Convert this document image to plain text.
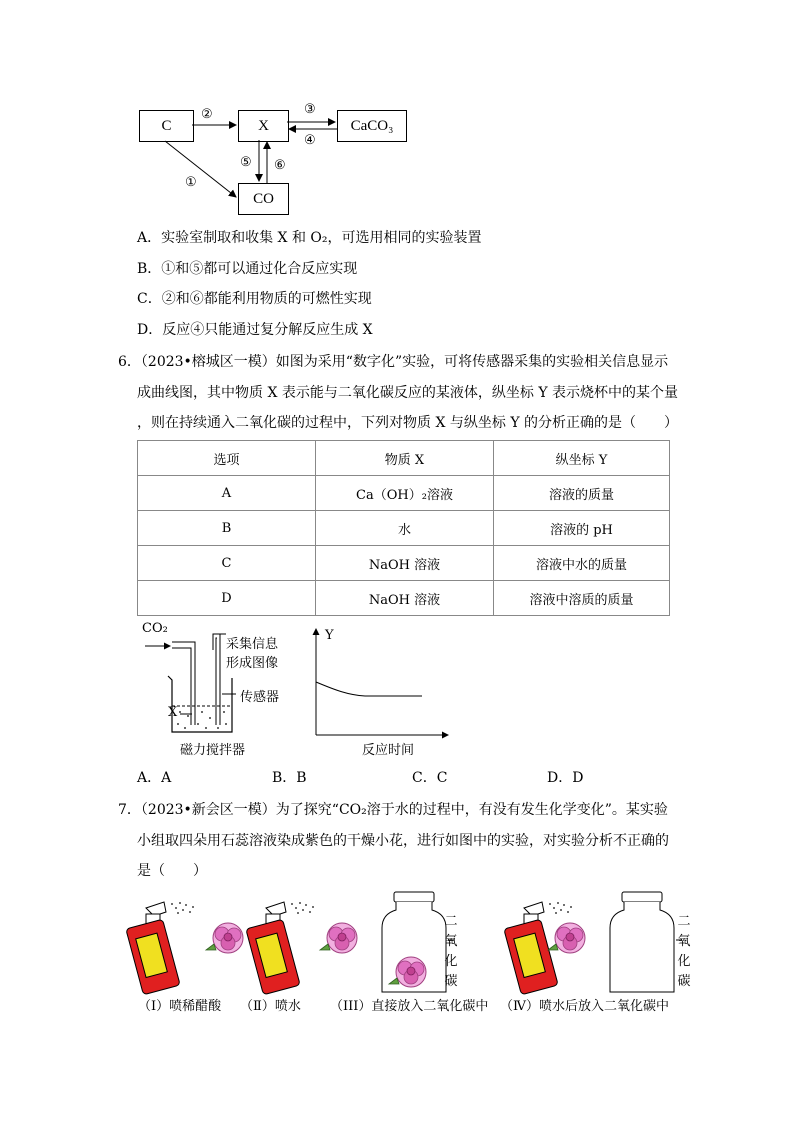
C	X	CaCO₃
CO
②	③
④
⑤ ⑥
①
A．实验室制取和收集 X 和 O₂，可选用相同的实验装置
B．①和⑤都可以通过化合反应实现
C．②和⑥都能利用物质的可燃性实现
D．反应④只能通过复分解反应生成 X
6．（2023•榕城区一模）如图为采用“数字化”实验，可将传感器采集的实验相关信息显示
成曲线图，其中物质 X 表示能与二氧化碳反应的某液体，纵坐标 Y 表示烧杯中的某个量
，则在持续通入二氧化碳的过程中，下列对物质 X 与纵坐标 Y 的分析正确的是（　　）
选项	物质 X	纵坐标 Y
A	Ca（OH）₂溶液	溶液的质量
B	水	溶液的 pH
C	NaOH 溶液	溶液中水的质量
D	NaOH 溶液	溶液中溶质的质量
CO₂
采集信息
形成图像
传感器
X
磁力搅拌器
Y
反应时间
A．A	B．B	C．C	D．D
7．（2023•新会区一模）为了探究“CO₂溶于水的过程中，有没有发生化学变化”。某实验
小组取四朵用石蕊溶液染成紫色的干燥小花，进行如图中的实验，对实验分析不正确的
是（　　）
二
氧
化
碳
二
氧
化
碳
（I）喷稀醋酸 （Ⅱ）喷水 （III）直接放入二氧化碳中 （Ⅳ）喷水后放入二氧化碳中
